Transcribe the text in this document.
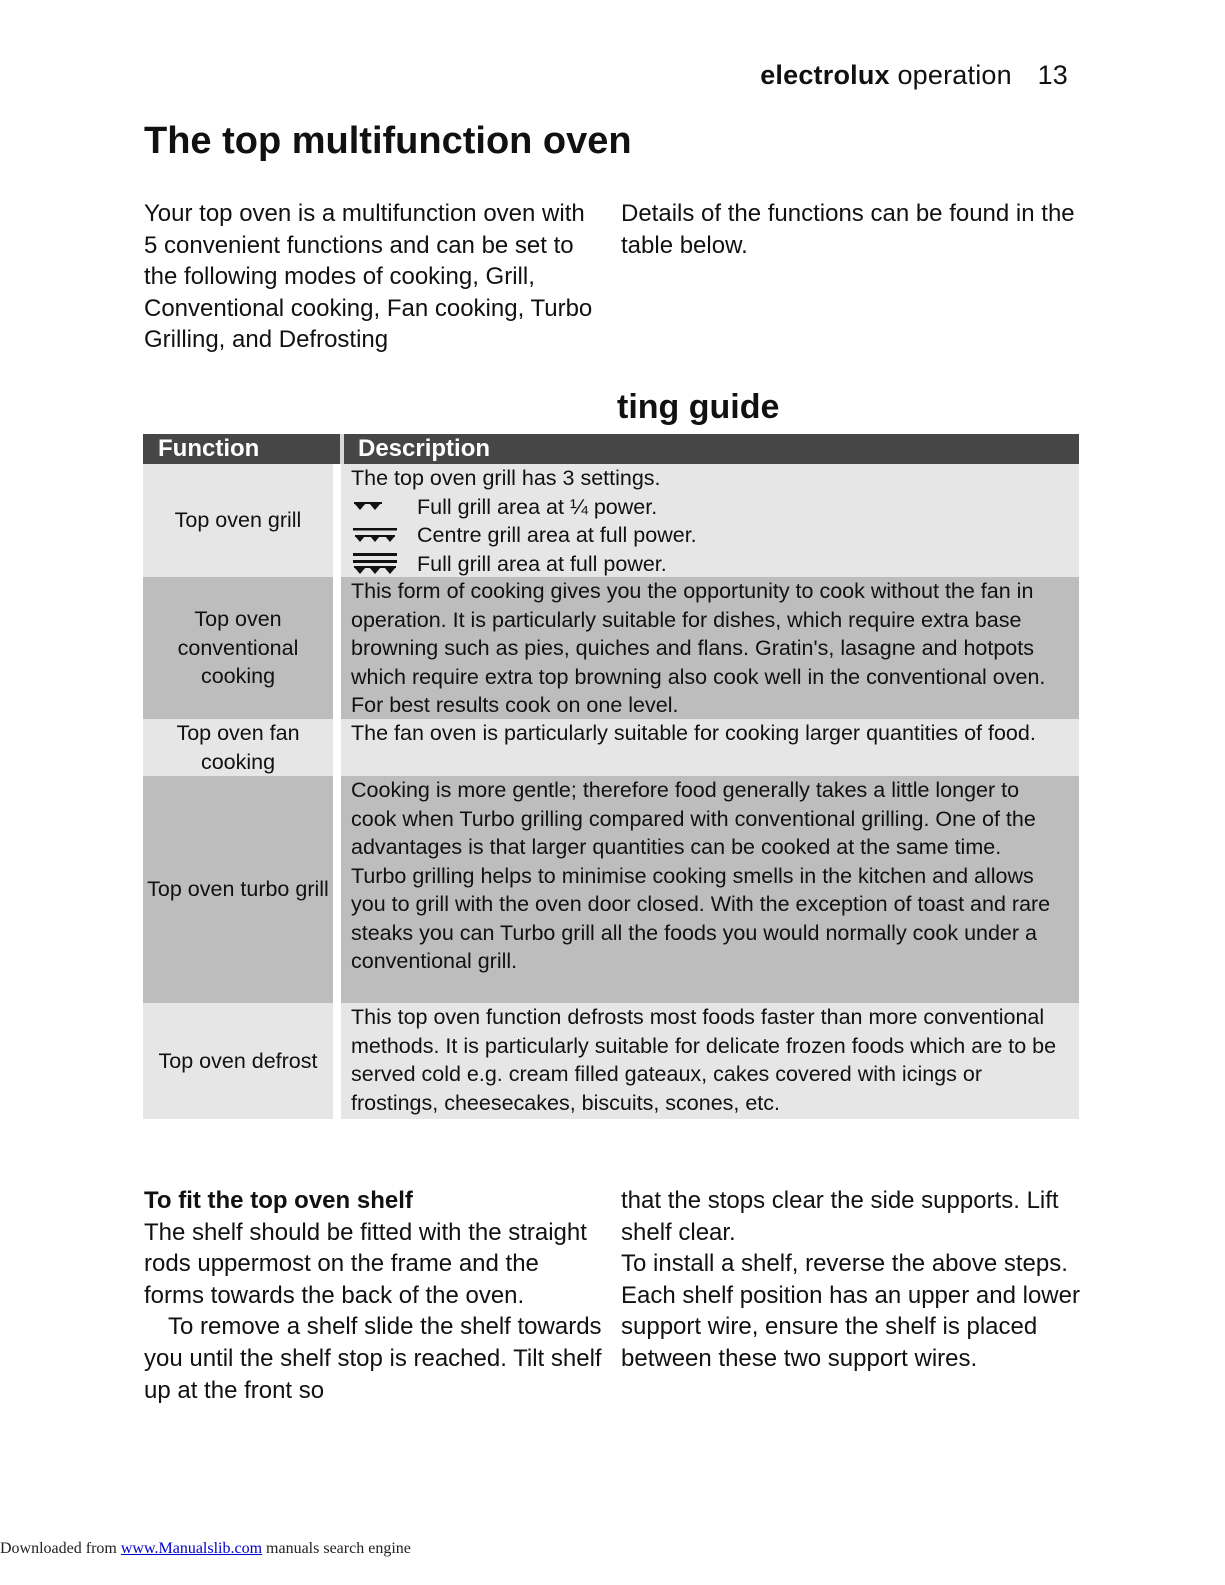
electrolux operation 13
The top multifunction oven
Your top oven is a multifunction oven with 5 convenient functions and can be set to the following modes of cooking, Grill, Conventional cooking, Fan cooking, Turbo Grilling, and Defrosting
Details of the functions can be found in the table below.
ting guide
Function	Description
Top oven grill
The top oven grill has 3 settings.
Full grill area at ¼ power.
Centre grill area at full power.
Full grill area at full power.
Top oven conventional cooking
This form of cooking gives you the opportunity to cook without the fan in operation. It is particularly suitable for dishes, which require extra base browning such as pies, quiches and flans. Gratin's, lasagne and hotpots which require extra top browning also cook well in the conventional oven. For best results cook on one level.
Top oven fan cooking
The fan oven is particularly suitable for cooking larger quantities of food.
Top oven turbo grill
Cooking is more gentle; therefore food generally takes a little longer to cook when Turbo grilling compared with conventional grilling. One of the advantages is that larger quantities can be cooked at the same time.
Turbo grilling helps to minimise cooking smells in the kitchen and allows you to grill with the oven door closed. With the exception of toast and rare steaks you can Turbo grill all the foods you would normally cook under a conventional grill.
Top oven defrost
This top oven function defrosts most foods faster than more conventional methods. It is particularly suitable for delicate frozen foods which are to be served cold e.g. cream filled gateaux, cakes covered with icings or frostings, cheesecakes, biscuits, scones, etc.
To fit the top oven shelf
The shelf should be fitted with the straight rods uppermost on the frame and the forms towards the back of the oven.
To remove a shelf slide the shelf towards you until the shelf stop is reached. Tilt shelf up at the front so
that the stops clear the side supports. Lift shelf clear.
To install a shelf, reverse the above steps. Each shelf position has an upper and lower support wire, ensure the shelf is placed between these two support wires.
Downloaded from www.Manualslib.com manuals search engine
